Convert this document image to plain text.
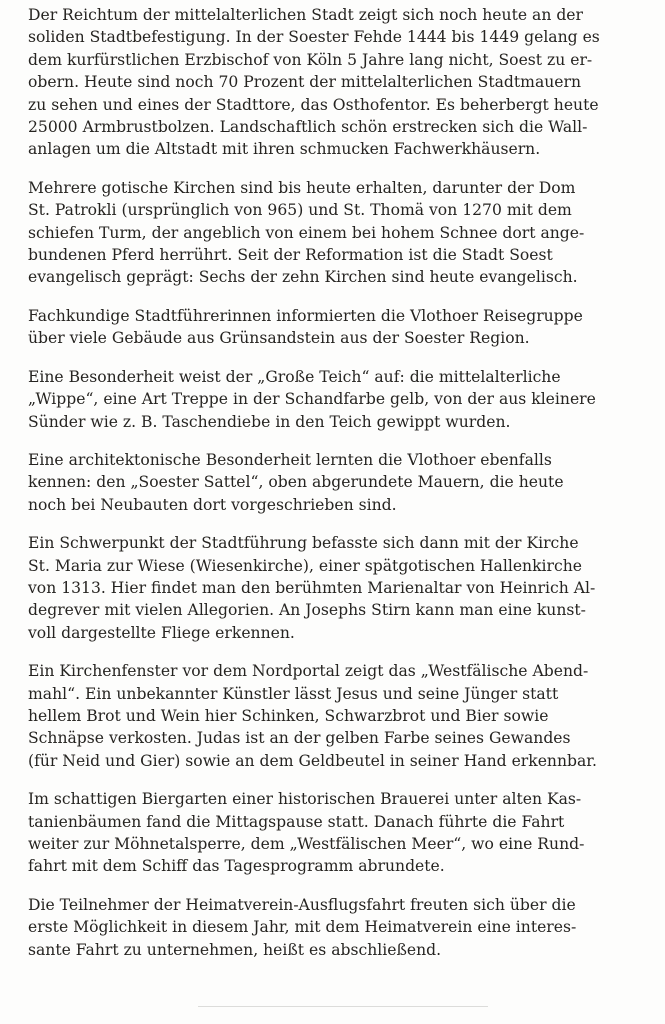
Der Reichtum der mittelalterlichen Stadt zeigt sich noch heute an der
soliden Stadtbefestigung. In der Soester Fehde 1444 bis 1449 gelang es
dem kurfürstlichen Erzbischof von Köln 5 Jahre lang nicht, Soest zu er-
obern. Heute sind noch 70 Prozent der mittelalterlichen Stadtmauern
zu sehen und eines der Stadttore, das Osthofentor. Es beherbergt heute
25000 Armbrustbolzen. Landschaftlich schön erstrecken sich die Wall-
anlagen um die Altstadt mit ihren schmucken Fachwerkhäusern.

Mehrere gotische Kirchen sind bis heute erhalten, darunter der Dom
St. Patrokli (ursprünglich von 965) und St. Thomä von 1270 mit dem
schiefen Turm, der angeblich von einem bei hohem Schnee dort ange-
bundenen Pferd herrührt. Seit der Reformation ist die Stadt Soest
evangelisch geprägt: Sechs der zehn Kirchen sind heute evangelisch.

Fachkundige Stadtführerinnen informierten die Vlothoer Reisegruppe
über viele Gebäude aus Grünsandstein aus der Soester Region.

Eine Besonderheit weist der „Große Teich“ auf: die mittelalterliche
„Wippe“, eine Art Treppe in der Schandfarbe gelb, von der aus kleinere
Sünder wie z. B. Taschendiebe in den Teich gewippt wurden.

Eine architektonische Besonderheit lernten die Vlothoer ebenfalls
kennen: den „Soester Sattel“, oben abgerundete Mauern, die heute
noch bei Neubauten dort vorgeschrieben sind.

Ein Schwerpunkt der Stadtführung befasste sich dann mit der Kirche
St. Maria zur Wiese (Wiesenkirche), einer spätgotischen Hallenkirche
von 1313. Hier findet man den berühmten Marienaltar von Heinrich Al-
degrever mit vielen Allegorien. An Josephs Stirn kann man eine kunst-
voll dargestellte Fliege erkennen.

Ein Kirchenfenster vor dem Nordportal zeigt das „Westfälische Abend-
mahl“. Ein unbekannter Künstler lässt Jesus und seine Jünger statt
hellem Brot und Wein hier Schinken, Schwarzbrot und Bier sowie
Schnäpse verkosten. Judas ist an der gelben Farbe seines Gewandes
(für Neid und Gier) sowie an dem Geldbeutel in seiner Hand erkennbar.

Im schattigen Biergarten einer historischen Brauerei unter alten Kas-
tanienbäumen fand die Mittagspause statt. Danach führte die Fahrt
weiter zur Möhnetalsperre, dem „Westfälischen Meer“, wo eine Rund-
fahrt mit dem Schiff das Tagesprogramm abrundete.

Die Teilnehmer der Heimatverein-Ausflugsfahrt freuten sich über die
erste Möglichkeit in diesem Jahr, mit dem Heimatverein eine interes-
sante Fahrt zu unternehmen, heißt es abschließend.
